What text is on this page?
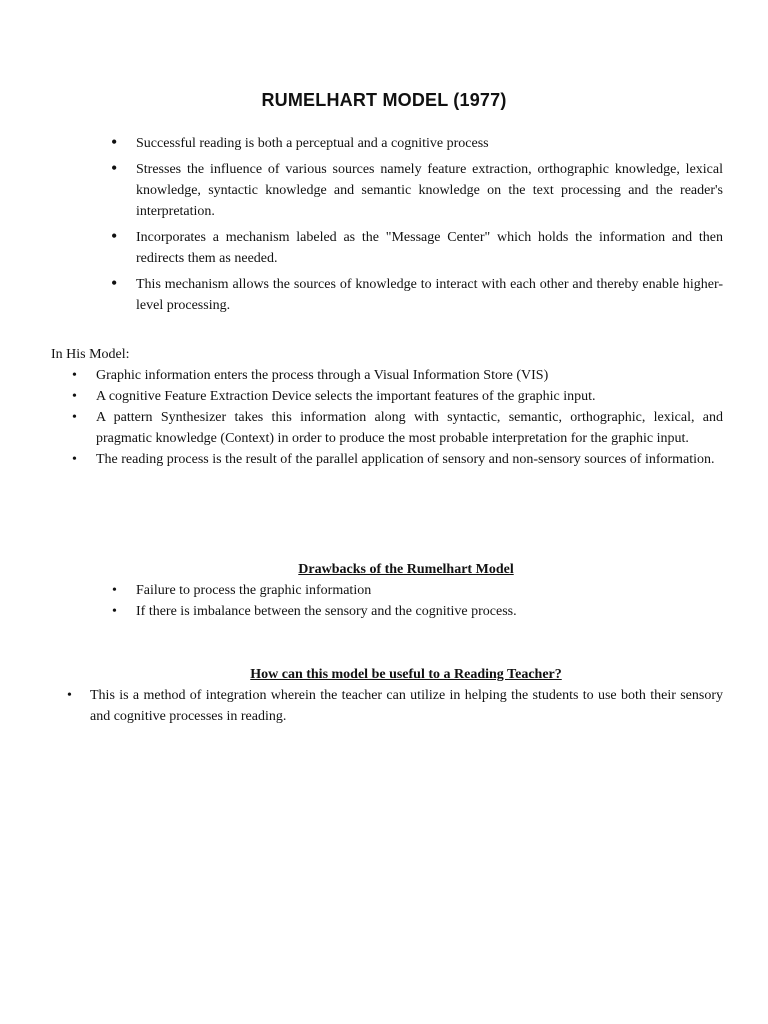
RUMELHART MODEL (1977)
• Successful reading is both a perceptual and a cognitive process
• Stresses the influence of various sources namely feature extraction, orthographic knowledge, lexical knowledge, syntactic knowledge and semantic knowledge on the text processing and the reader's interpretation.
• Incorporates a mechanism labeled as the "Message Center" which holds the information and then redirects them as needed.
• This mechanism allows the sources of knowledge to interact with each other and thereby enable higher-level processing.

In His Model:

• Graphic information enters the process through a Visual Information Store (VIS)
• A cognitive Feature Extraction Device selects the important features of the graphic input.
• A pattern Synthesizer takes this information along with syntactic, semantic, orthographic, lexical, and pragmatic knowledge (Context) in order to produce the most probable interpretation for the graphic input.
• The reading process is the result of the parallel application of sensory and non-sensory sources of information.
Drawbacks of the Rumelhart Model
• Failure to process the graphic information
• If there is imbalance between the sensory and the cognitive process.
How can this model be useful to a Reading Teacher?
• This is a method of integration wherein the teacher can utilize in helping the students to use both their sensory and cognitive processes in reading.
